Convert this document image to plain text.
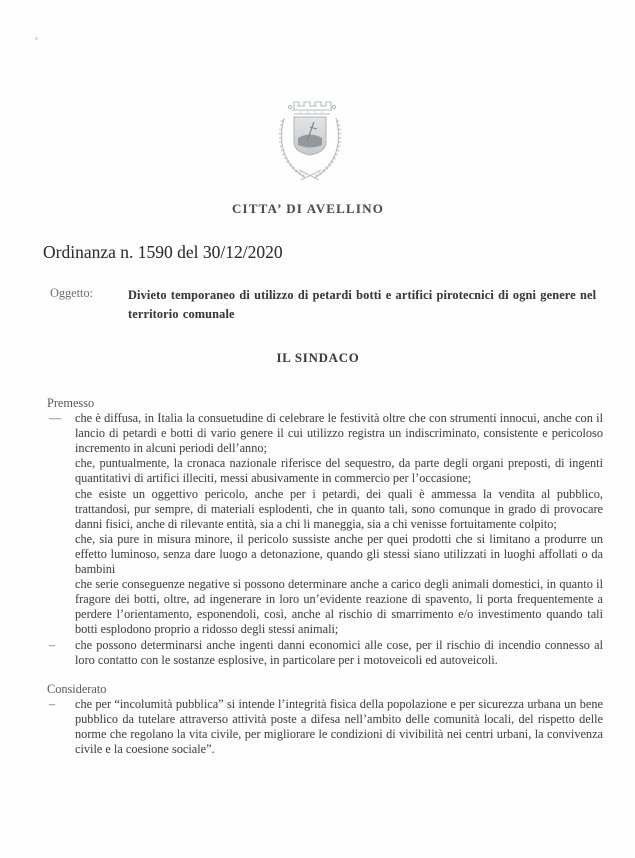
CITTA’ DI AVELLINO
Ordinanza n. 1590 del 30/12/2020
Oggetto:	Divieto temporaneo di utilizzo di petardi botti e artifici pirotecnici di ogni genere nel territorio comunale
IL SINDACO
Premesso
— che è diffusa, in Italia la consuetudine di celebrare le festività oltre che con strumenti innocui, anche con il lancio di petardi e botti di vario genere il cui utilizzo registra un indiscriminato, consistente e pericoloso incremento in alcuni periodi dell’anno;
che, puntualmente, la cronaca nazionale riferisce del sequestro, da parte degli organi preposti, di ingenti quantitativi di artifici illeciti, messi abusivamente in commercio per l’occasione;
che esiste un oggettivo pericolo, anche per i petardi, dei quali è ammessa la vendita al pubblico, trattandosi, pur sempre, di materiali esplodenti, che in quanto tali, sono comunque in grado di provocare danni fisici, anche di rilevante entità, sia a chi li maneggia, sia a chi venisse fortuitamente colpito;
che, sia pure in misura minore, il pericolo sussiste anche per quei prodotti che si limitano a produrre un effetto luminoso, senza dare luogo a detonazione, quando gli stessi siano utilizzati in luoghi affollati o da bambini
che serie conseguenze negative si possono determinare anche a carico degli animali domestici, in quanto il fragore dei botti, oltre, ad ingenerare in loro un’evidente reazione di spavento, li porta frequentemente a perdere l’orientamento, esponendoli, così, anche al rischio di smarrimento e/o investimento quando tali botti esplodono proprio a ridosso degli stessi animali;
– che possono determinarsi anche ingenti danni economici alle cose, per il rischio di incendio connesso al loro contatto con le sostanze esplosive, in particolare per i motoveicoli ed autoveicoli.
Considerato
– che per “incolumità pubblica” si intende l’integrità fisica della popolazione e per sicurezza urbana un bene pubblico da tutelare attraverso attività poste a difesa nell’ambito delle comunità locali, del rispetto delle norme che regolano la vita civile, per migliorare le condizioni di vivibilità nei centri urbani, la convivenza civile e la coesione sociale”.
